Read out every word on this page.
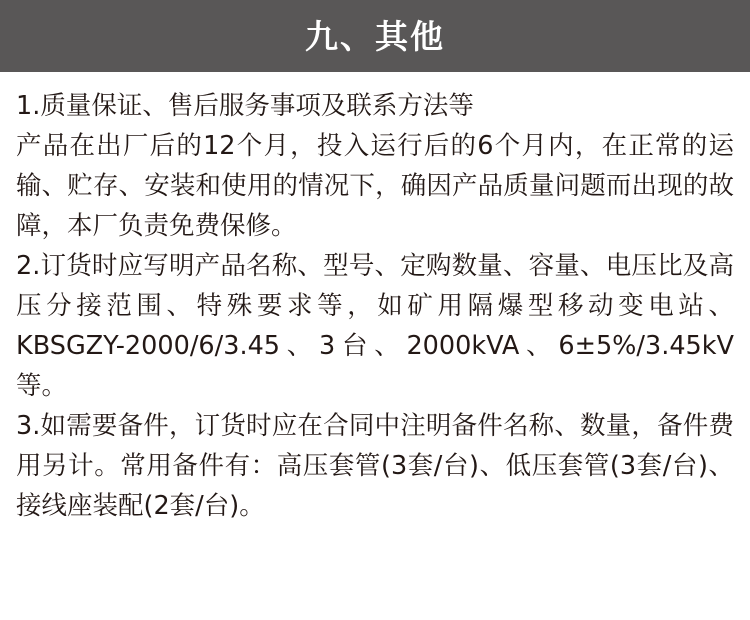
九、其他

1.质量保证、售后服务事项及联系方法等

产品在出厂后的12个月，投入运行后的6个月内，在正常的运输、贮存、安装和使用的情况下，确因产品质量问题而出现的故障，本厂负责免费保修。

2.订货时应写明产品名称、型号、定购数量、容量、电压比及高压分接范围、特殊要求等，如矿用隔爆型移动变电站、KBSGZY-2000/6/3.45、3台、2000kVA、6±5%/3.45kV等。

3.如需要备件，订货时应在合同中注明备件名称、数量，备件费用另计。常用备件有：高压套管(3套/台)、低压套管(3套/台)、接线座装配(2套/台)。
